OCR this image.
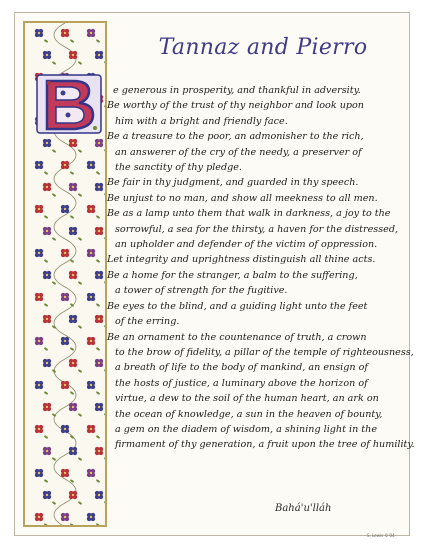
Tannaz and Pierro
B
e generous in prosperity, and thankful in adversity.
Be worthy of the trust of thy neighbor and look upon
him with a bright and friendly face.
Be a treasure to the poor, an admonisher to the rich,
an answerer of the cry of the needy, a preserver of
the sanctity of thy pledge.
Be fair in thy judgment, and guarded in thy speech.
Be unjust to no man, and show all meekness to all men.
Be as a lamp unto them that walk in darkness, a joy to the
sorrowful, a sea for the thirsty, a haven for the distressed,
an upholder and defender of the victim of oppression.
Let integrity and uprightness distinguish all thine acts.
Be a home for the stranger, a balm to the suffering,
a tower of strength for the fugitive.
Be eyes to the blind, and a guiding light unto the feet
of the erring.
Be an ornament to the countenance of truth, a crown
to the brow of fidelity, a pillar of the temple of righteousness,
a breath of life to the body of mankind, an ensign of
the hosts of justice, a luminary above the horizon of
virtue, a dew to the soil of the human heart, an ark on
the ocean of knowledge, a sun in the heaven of bounty,
a gem on the diadem of wisdom, a shining light in the
firmament of thy generation, a fruit upon the tree of humility.
Bahá'u'lláh
S. Lewis ©'04
